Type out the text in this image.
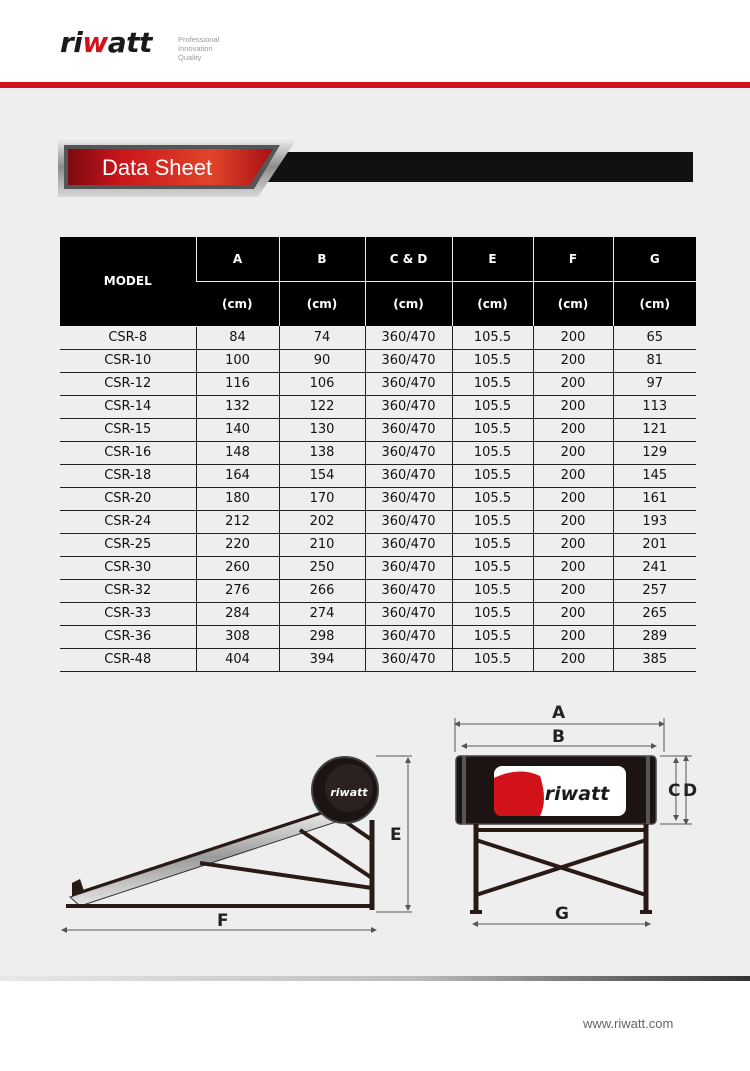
riwatt	Professional
Innovation
Quality
Data Sheet
MODEL	A	B	C & D	E	F	G
	(cm)	(cm)	(cm)	(cm)	(cm)	(cm)
CSR-8	84	74	360/470	105.5	200	65
CSR-10	100	90	360/470	105.5	200	81
CSR-12	116	106	360/470	105.5	200	97
CSR-14	132	122	360/470	105.5	200	113
CSR-15	140	130	360/470	105.5	200	121
CSR-16	148	138	360/470	105.5	200	129
CSR-18	164	154	360/470	105.5	200	145
CSR-20	180	170	360/470	105.5	200	161
CSR-24	212	202	360/470	105.5	200	193
CSR-25	220	210	360/470	105.5	200	201
CSR-30	260	250	360/470	105.5	200	241
CSR-32	276	266	360/470	105.5	200	257
CSR-33	284	274	360/470	105.5	200	265
CSR-36	308	298	360/470	105.5	200	289
CSR-48	404	394	360/470	105.5	200	385
riwatt
E
F
riwatt
A
B
C D
G
www.riwatt.com
